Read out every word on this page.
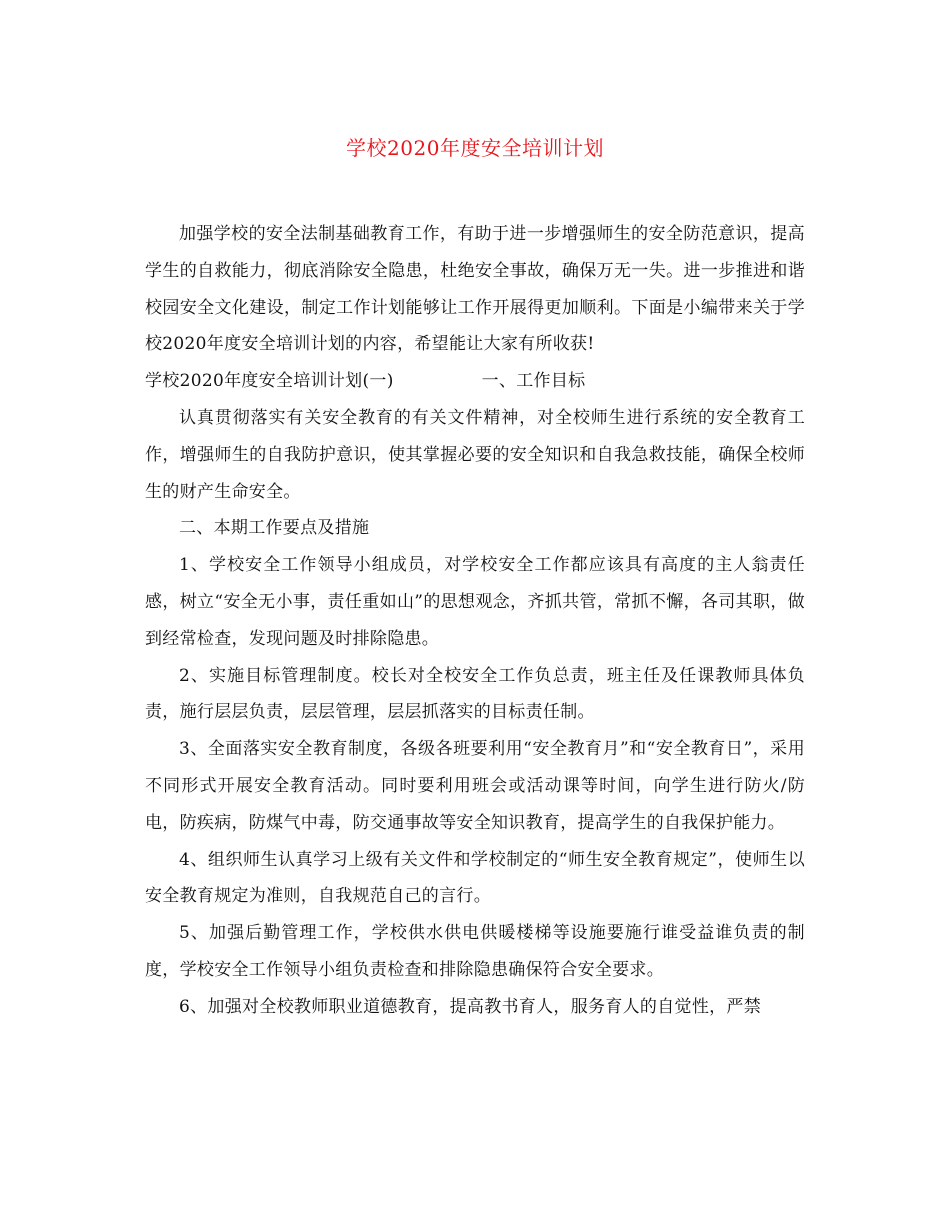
学校2020年度安全培训计划

加强学校的安全法制基础教育工作，有助于进一步增强师生的安全防范意识，提高学生的自救能力，彻底消除安全隐患，杜绝安全事故，确保万无一失。进一步推进和谐校园安全文化建设，制定工作计划能够让工作开展得更加顺利。下面是小编带来关于学校2020年度安全培训计划的内容，希望能让大家有所收获!

学校2020年度安全培训计划(一)	一、工作目标

认真贯彻落实有关安全教育的有关文件精神，对全校师生进行系统的安全教育工作，增强师生的自我防护意识，使其掌握必要的安全知识和自我急救技能，确保全校师生的财产生命安全。

二、本期工作要点及措施

1、学校安全工作领导小组成员，对学校安全工作都应该具有高度的主人翁责任感，树立“安全无小事，责任重如山”的思想观念，齐抓共管，常抓不懈，各司其职，做到经常检查，发现问题及时排除隐患。

2、实施目标管理制度。校长对全校安全工作负总责，班主任及任课教师具体负责，施行层层负责，层层管理，层层抓落实的目标责任制。

3、全面落实安全教育制度，各级各班要利用“安全教育月”和“安全教育日”，采用不同形式开展安全教育活动。同时要利用班会或活动课等时间，向学生进行防火/防电，防疾病，防煤气中毒，防交通事故等安全知识教育，提高学生的自我保护能力。

4、组织师生认真学习上级有关文件和学校制定的“师生安全教育规定”，使师生以安全教育规定为准则，自我规范自己的言行。

5、加强后勤管理工作，学校供水供电供暖楼梯等设施要施行谁受益谁负责的制度，学校安全工作领导小组负责检查和排除隐患确保符合安全要求。

6、加强对全校教师职业道德教育，提高教书育人，服务育人的自觉性，严禁
